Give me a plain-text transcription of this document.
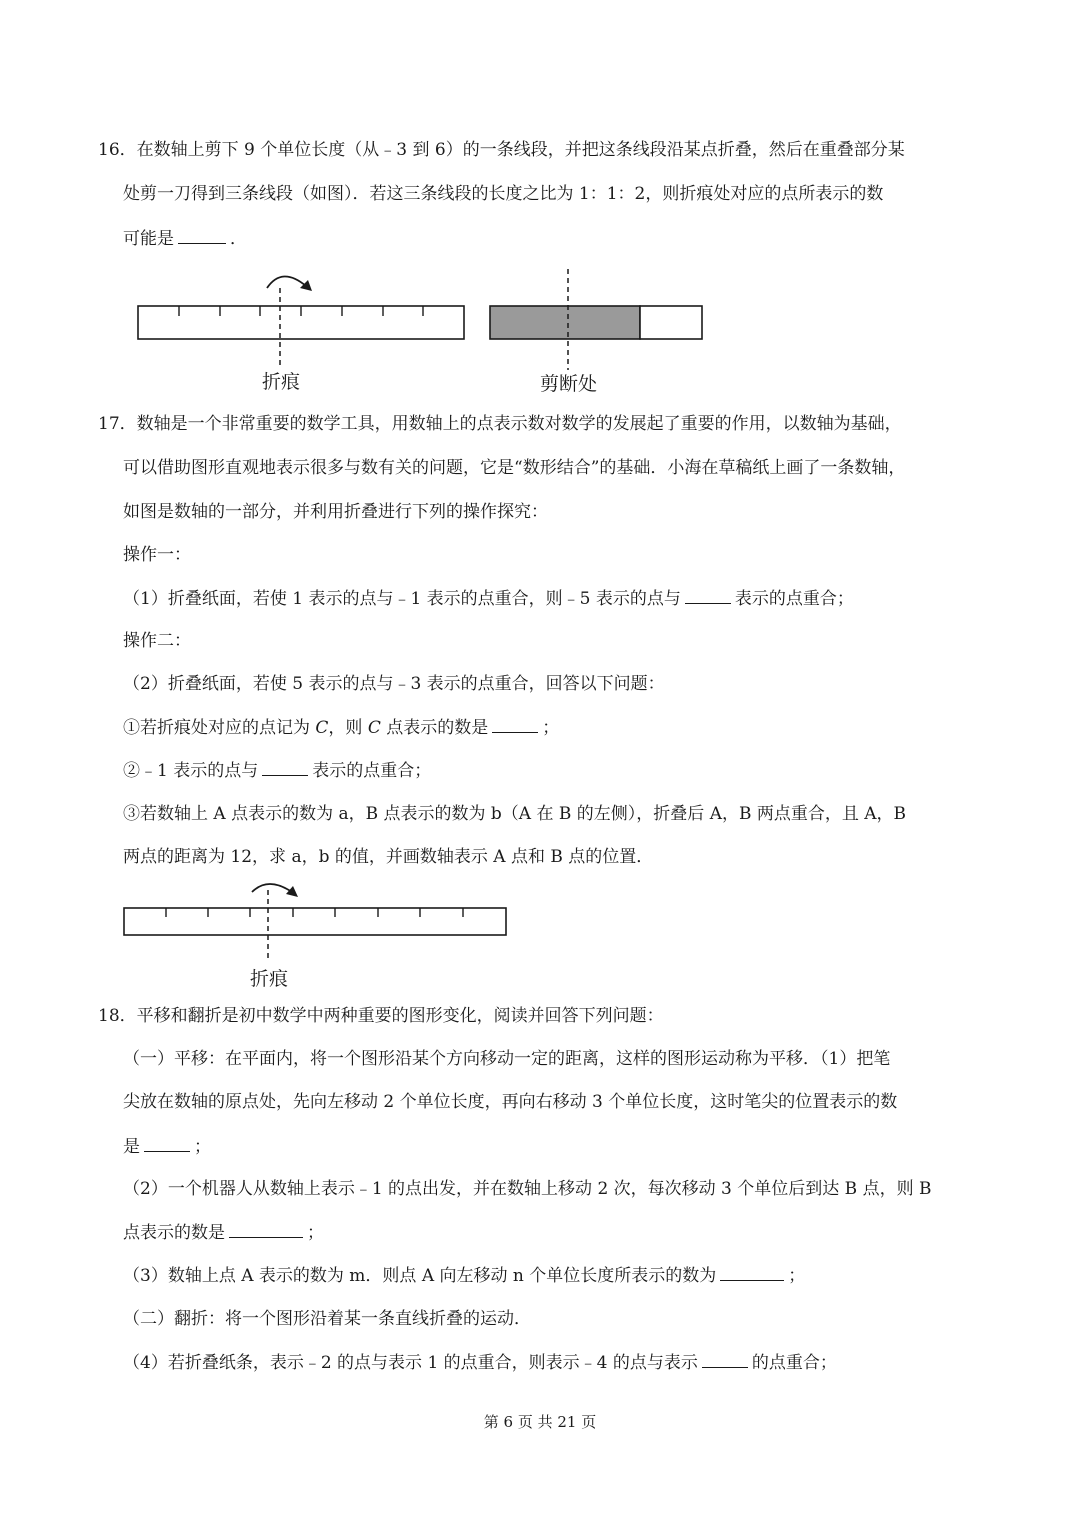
16．在数轴上剪下 9 个单位长度（从﹣3 到 6）的一条线段，并把这条线段沿某点折叠，然后在重叠部分某
处剪一刀得到三条线段（如图）．若这三条线段的长度之比为 1：1：2，则折痕处对应的点所表示的数
可能是	．
折痕	剪断处
17．数轴是一个非常重要的数学工具，用数轴上的点表示数对数学的发展起了重要的作用，以数轴为基础，
可以借助图形直观地表示很多与数有关的问题，它是“数形结合”的基础．小海在草稿纸上画了一条数轴，
如图是数轴的一部分，并利用折叠进行下列的操作探究：
操作一：
（1）折叠纸面，若使 1 表示的点与﹣1 表示的点重合，则﹣5 表示的点与	表示的点重合；
操作二：
（2）折叠纸面，若使 5 表示的点与﹣3 表示的点重合，回答以下问题：
①若折痕处对应的点记为 C，则 C 点表示的数是	；
②﹣1 表示的点与	表示的点重合；
③若数轴上 A 点表示的数为 a，B 点表示的数为 b（A 在 B 的左侧），折叠后 A，B 两点重合，且 A，B
两点的距离为 12，求 a，b 的值，并画数轴表示 A 点和 B 点的位置．
折痕
18．平移和翻折是初中数学中两种重要的图形变化，阅读并回答下列问题：
（一）平移：在平面内，将一个图形沿某个方向移动一定的距离，这样的图形运动称为平移．（1）把笔
尖放在数轴的原点处，先向左移动 2 个单位长度，再向右移动 3 个单位长度，这时笔尖的位置表示的数
是	；
（2）一个机器人从数轴上表示﹣1 的点出发，并在数轴上移动 2 次，每次移动 3 个单位后到达 B 点，则 B
点表示的数是	；
（3）数轴上点 A 表示的数为 m．则点 A 向左移动 n 个单位长度所表示的数为	；
（二）翻折：将一个图形沿着某一条直线折叠的运动．
（4）若折叠纸条，表示﹣2 的点与表示 1 的点重合，则表示﹣4 的点与表示	的点重合；
第 6 页 共 21 页
